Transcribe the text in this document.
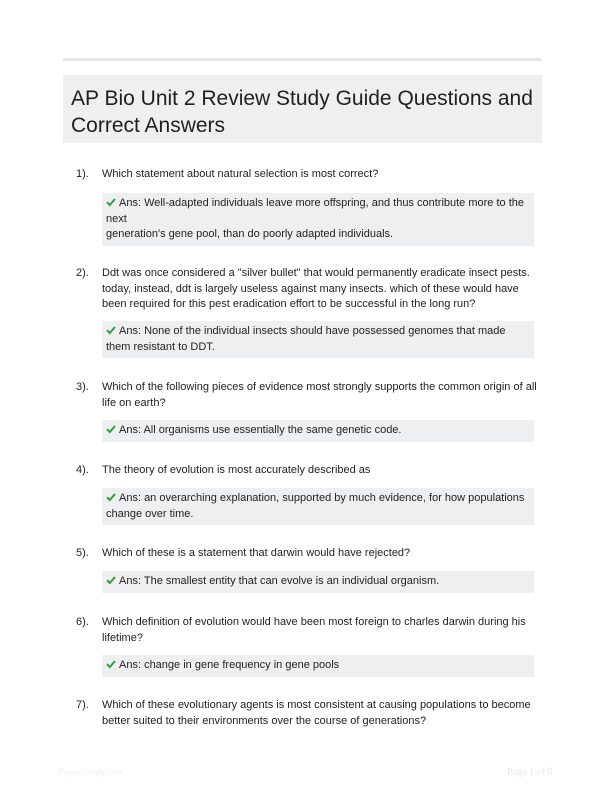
AP Bio Unit 2 Review Study Guide Questions and Correct Answers
1). Which statement about natural selection is most correct?
Ans: Well-adapted individuals leave more offspring, and thus contribute more to the next
generation's gene pool, than do poorly adapted individuals.
2). Ddt was once considered a "silver bullet" that would permanently eradicate insect pests. today, instead, ddt is largely useless against many insects. which of these would have been required for this pest eradication effort to be successful in the long run?
Ans: None of the individual insects should have possessed genomes that made them resistant to DDT.
3). Which of the following pieces of evidence most strongly supports the common origin of all life on earth?
Ans: All organisms use essentially the same genetic code.
4). The theory of evolution is most accurately described as
Ans: an overarching explanation, supported by much evidence, for how populations change over time.
5). Which of these is a statement that darwin would have rejected?
Ans: The smallest entity that can evolve is an individual organism.
6). Which definition of evolution would have been most foreign to charles darwin during his lifetime?
Ans: change in gene frequency in gene pools
7). Which of these evolutionary agents is most consistent at causing populations to become better suited to their environments over the course of generations?
PaperStudy.com	Page 1 of 6
